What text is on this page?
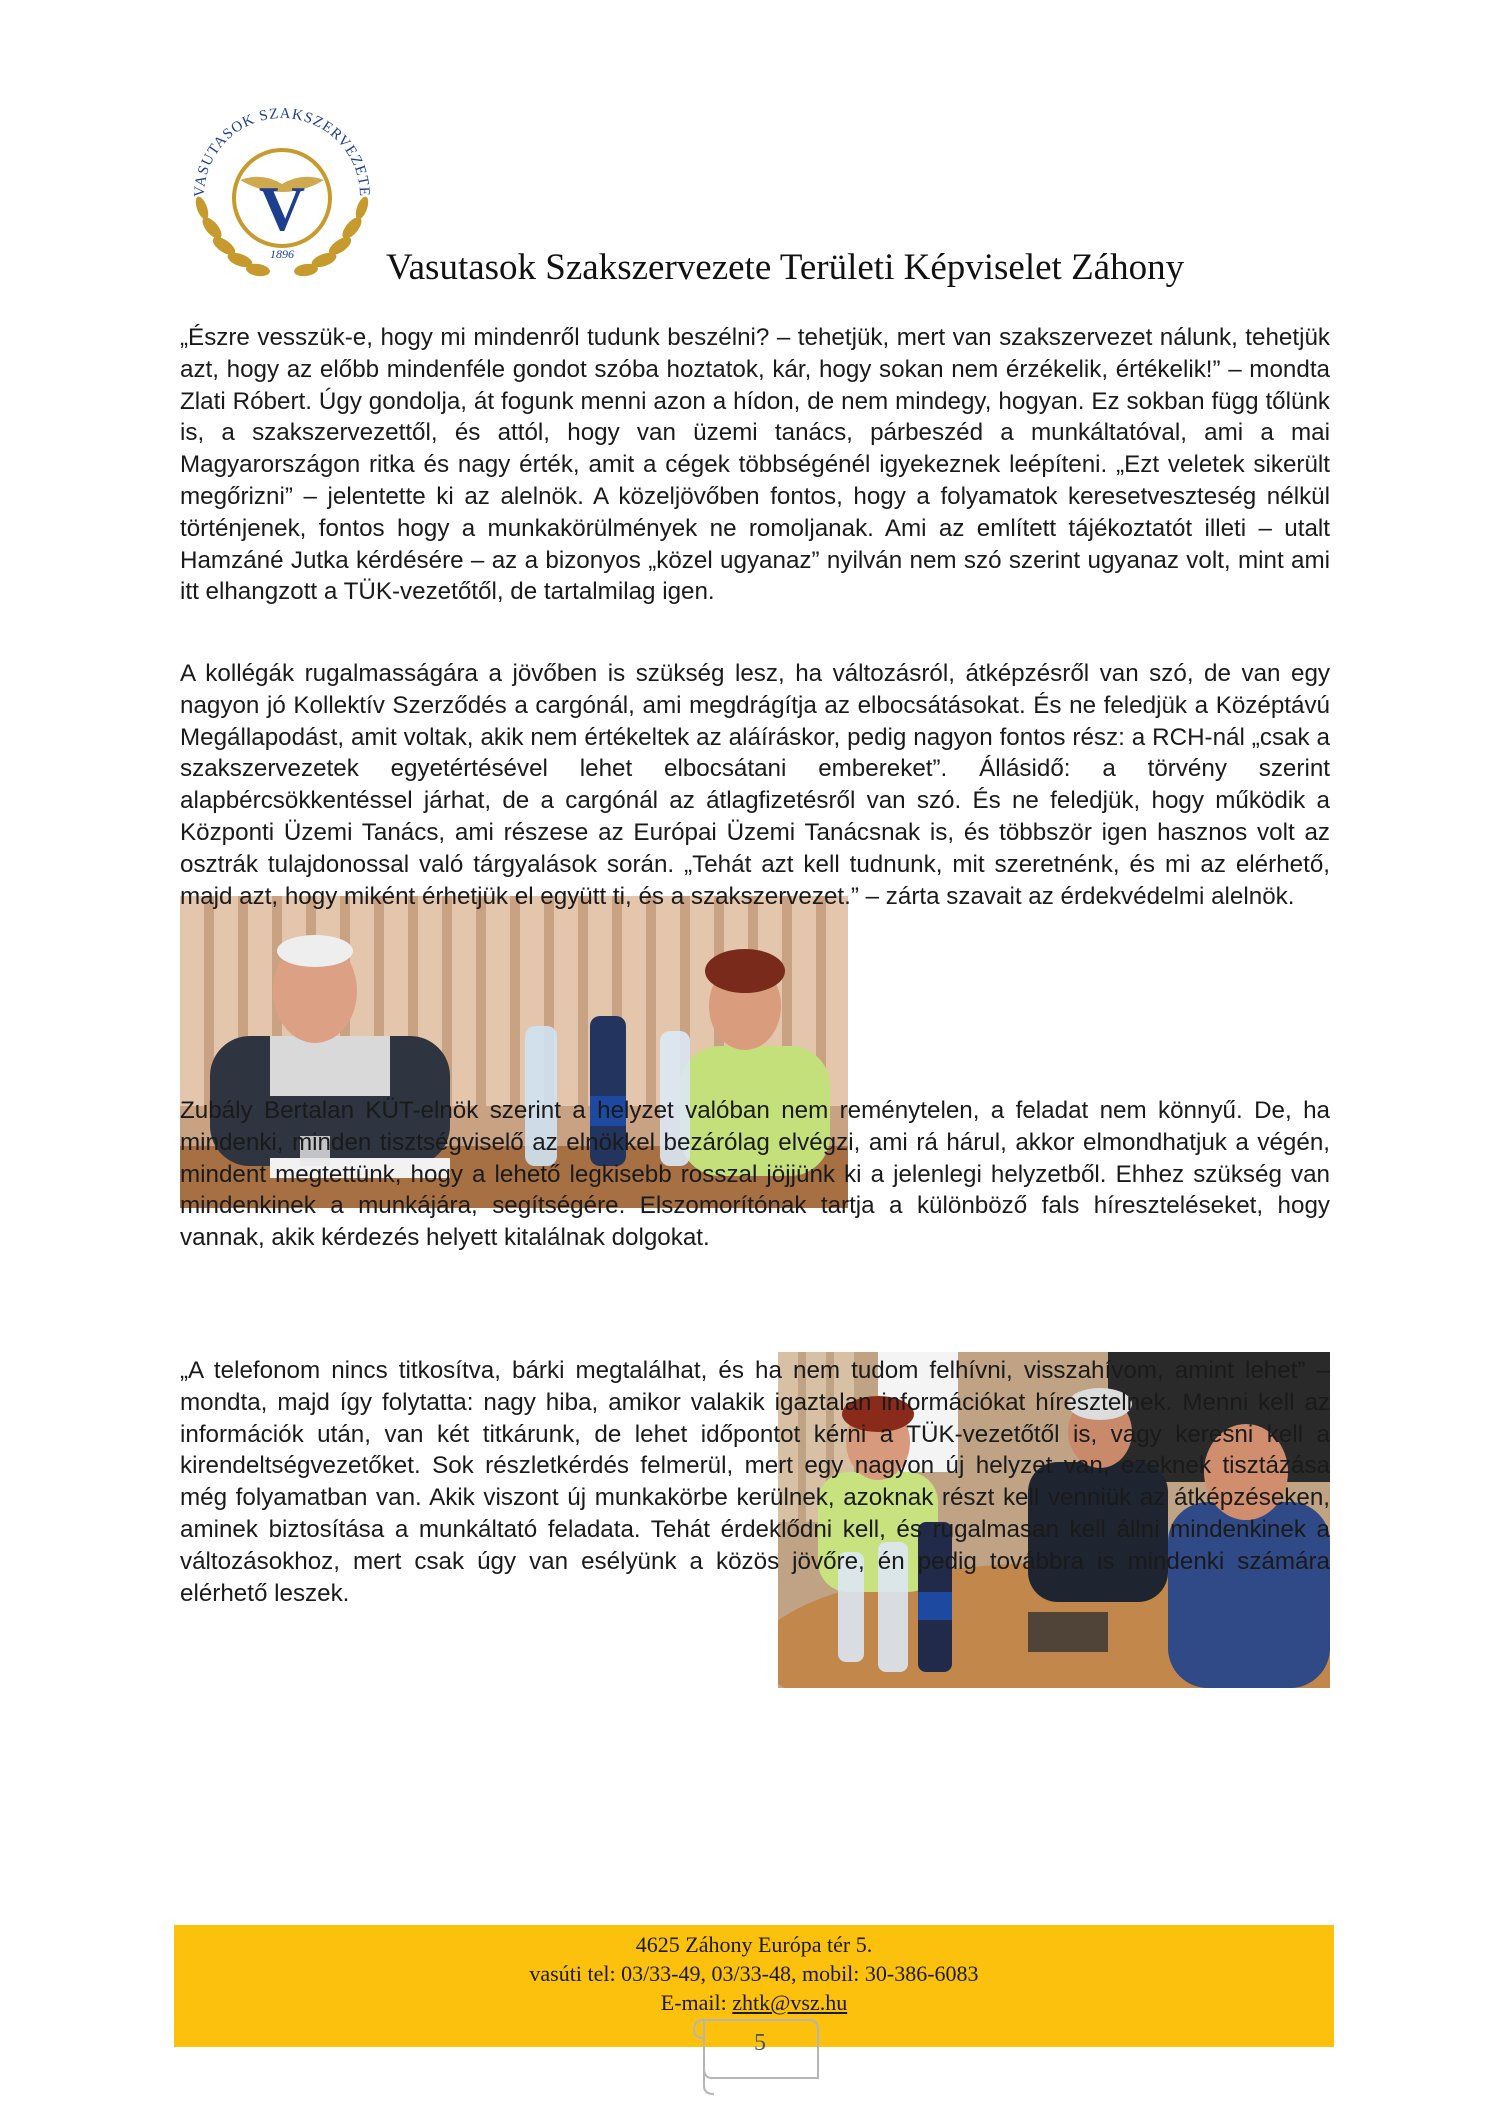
V
VASUTASOK SZAKSZERVEZETE
1896 Vasutasok Szakszervezete Területi Képviselet Záhony

„Észre vesszük-e, hogy mi mindenről tudunk beszélni? – tehetjük, mert van szakszervezet nálunk, tehetjük azt, hogy az előbb mindenféle gondot szóba hoztatok, kár, hogy sokan nem érzékelik, értékelik!” – mondta Zlati Róbert. Úgy gondolja, át fogunk menni azon a hídon, de nem mindegy, hogyan. Ez sokban függ tőlünk is, a szakszervezettől, és attól, hogy van üzemi tanács, párbeszéd a munkáltatóval, ami a mai Magyarországon ritka és nagy érték, amit a cégek többségénél igyekeznek leépíteni. „Ezt veletek sikerült megőrizni” – jelentette ki az alelnök. A közeljövőben fontos, hogy a folyamatok keresetveszteség nélkül történjenek, fontos hogy a munkakörülmények ne romoljanak. Ami az említett tájékoztatót illeti – utalt Hamzáné Jutka kérdésére – az a bizonyos „közel ugyanaz” nyilván nem szó szerint ugyanaz volt, mint ami itt elhangzott a TÜK-vezetőtől, de tartalmilag igen.

A kollégák rugalmasságára a jövőben is szükség lesz, ha változásról, átképzésről van szó, de van egy nagyon jó Kollektív Szerződés a cargónál, ami megdrágítja az elbocsátásokat. És ne feledjük a Középtávú Megállapodást, amit voltak, akik nem értékeltek az aláíráskor, pedig nagyon fontos rész: a RCH-nál „csak a szakszervezetek egyetértésével lehet elbocsátani embereket”. Állásidő: a törvény szerint alapbércsökkentéssel járhat, de a cargónál az átlagfizetésről van szó. És ne feledjük, hogy működik a Központi Üzemi Tanács, ami részese az Európai Üzemi Tanácsnak is, és többször igen hasznos volt az osztrák tulajdonossal való tárgyalások során. „Tehát azt kell tudnunk, mit szeretnénk, és mi az elérhető, majd azt, hogy miként érhetjük el együtt ti, és a szakszervezet.” – zárta szavait az érdekvédelmi alelnök.

Zubály Bertalan KÜT-elnök szerint a helyzet valóban nem reménytelen, a feladat nem könnyű. De, ha mindenki, minden tisztségviselő az elnökkel bezárólag elvégzi, ami rá hárul, akkor elmondhatjuk a végén, mindent megtettünk, hogy a lehető legkisebb rosszal jöjjünk ki a jelenlegi helyzetből. Ehhez szükség van mindenkinek a munkájára, segítségére. Elszomorítónak tartja a különböző fals híreszteléseket, hogy vannak, akik kérdezés helyett kitalálnak dolgokat.

„A telefonom nincs titkosítva, bárki megtalálhat, és ha nem tudom felhívni, visszahívom, amint lehet” – mondta, majd így folytatta: nagy hiba, amikor valakik igaztalan információkat híresztelnek. Menni kell az információk után, van két titkárunk, de lehet időpontot kérni a TÜK-vezetőtől is, vagy keresni kell a kirendeltségvezetőket. Sok részletkérdés felmerül, mert egy nagyon új helyzet van, ezeknek tisztázása még folyamatban van. Akik viszont új munkakörbe kerülnek, azoknak részt kell venniük az átképzéseken, aminek biztosítása a munkáltató feladata. Tehát érdeklődni kell, és rugalmasan kell állni mindenkinek a változásokhoz, mert csak úgy van esélyünk a közös jövőre, én pedig továbbra is mindenki számára elérhető leszek.

4625 Záhony Európa tér 5.
vasúti tel: 03/33-49, 03/33-48, mobil: 30-386-6083
E-mail: zhtk@vsz.hu
5
